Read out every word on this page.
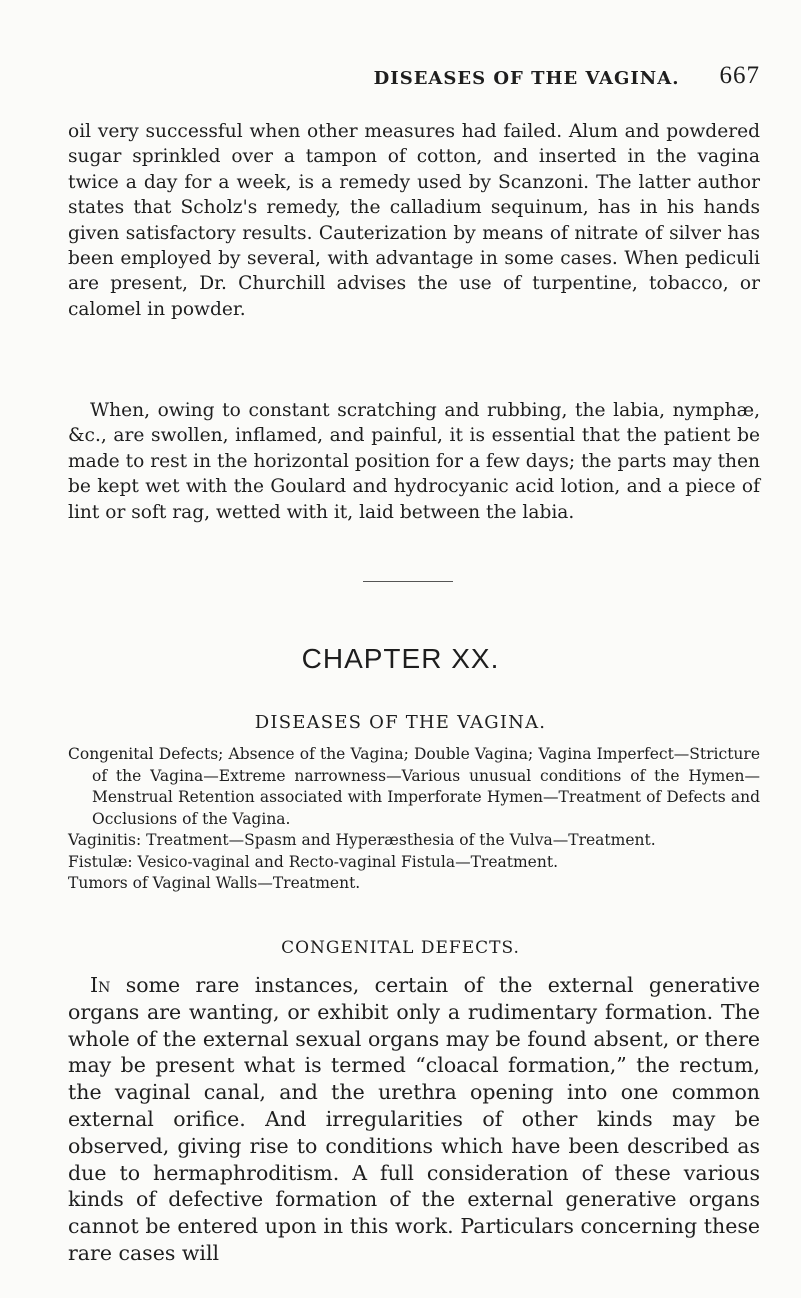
DISEASES OF THE VAGINA. 667

oil very successful when other measures had failed. Alum and powdered sugar sprinkled over a tampon of cotton, and inserted in the vagina twice a day for a week, is a remedy used by Scanzoni. The latter author states that Scholz's remedy, the calladium sequinum, has in his hands given satisfactory results. Cauterization by means of nitrate of silver has been employed by several, with advantage in some cases. When pediculi are present, Dr. Churchill advises the use of turpentine, tobacco, or calomel in powder.

When, owing to constant scratching and rubbing, the labia, nymphæ, &c., are swollen, inflamed, and painful, it is essential that the patient be made to rest in the horizontal position for a few days; the parts may then be kept wet with the Goulard and hydrocyanic acid lotion, and a piece of lint or soft rag, wetted with it, laid between the labia.

CHAPTER XX.
DISEASES OF THE VAGINA.

Congenital Defects; Absence of the Vagina; Double Vagina; Vagina Imperfect—Stricture of the Vagina—Extreme narrowness—Various unusual conditions of the Hymen—Menstrual Retention associated with Imperforate Hymen—Treatment of Defects and Occlusions of the Vagina.

Vaginitis: Treatment—Spasm and Hyperæsthesia of the Vulva—Treatment.

Fistulæ: Vesico-vaginal and Recto-vaginal Fistula—Treatment.

Tumors of Vaginal Walls—Treatment.

CONGENITAL DEFECTS.

In some rare instances, certain of the external generative organs are wanting, or exhibit only a rudimentary formation. The whole of the external sexual organs may be found absent, or there may be present what is termed “cloacal formation,” the rectum, the vaginal canal, and the urethra opening into one common external orifice. And irregularities of other kinds may be observed, giving rise to conditions which have been described as due to hermaphroditism. A full consideration of these various kinds of defective formation of the external generative organs cannot be entered upon in this work. Particulars concerning these rare cases will
